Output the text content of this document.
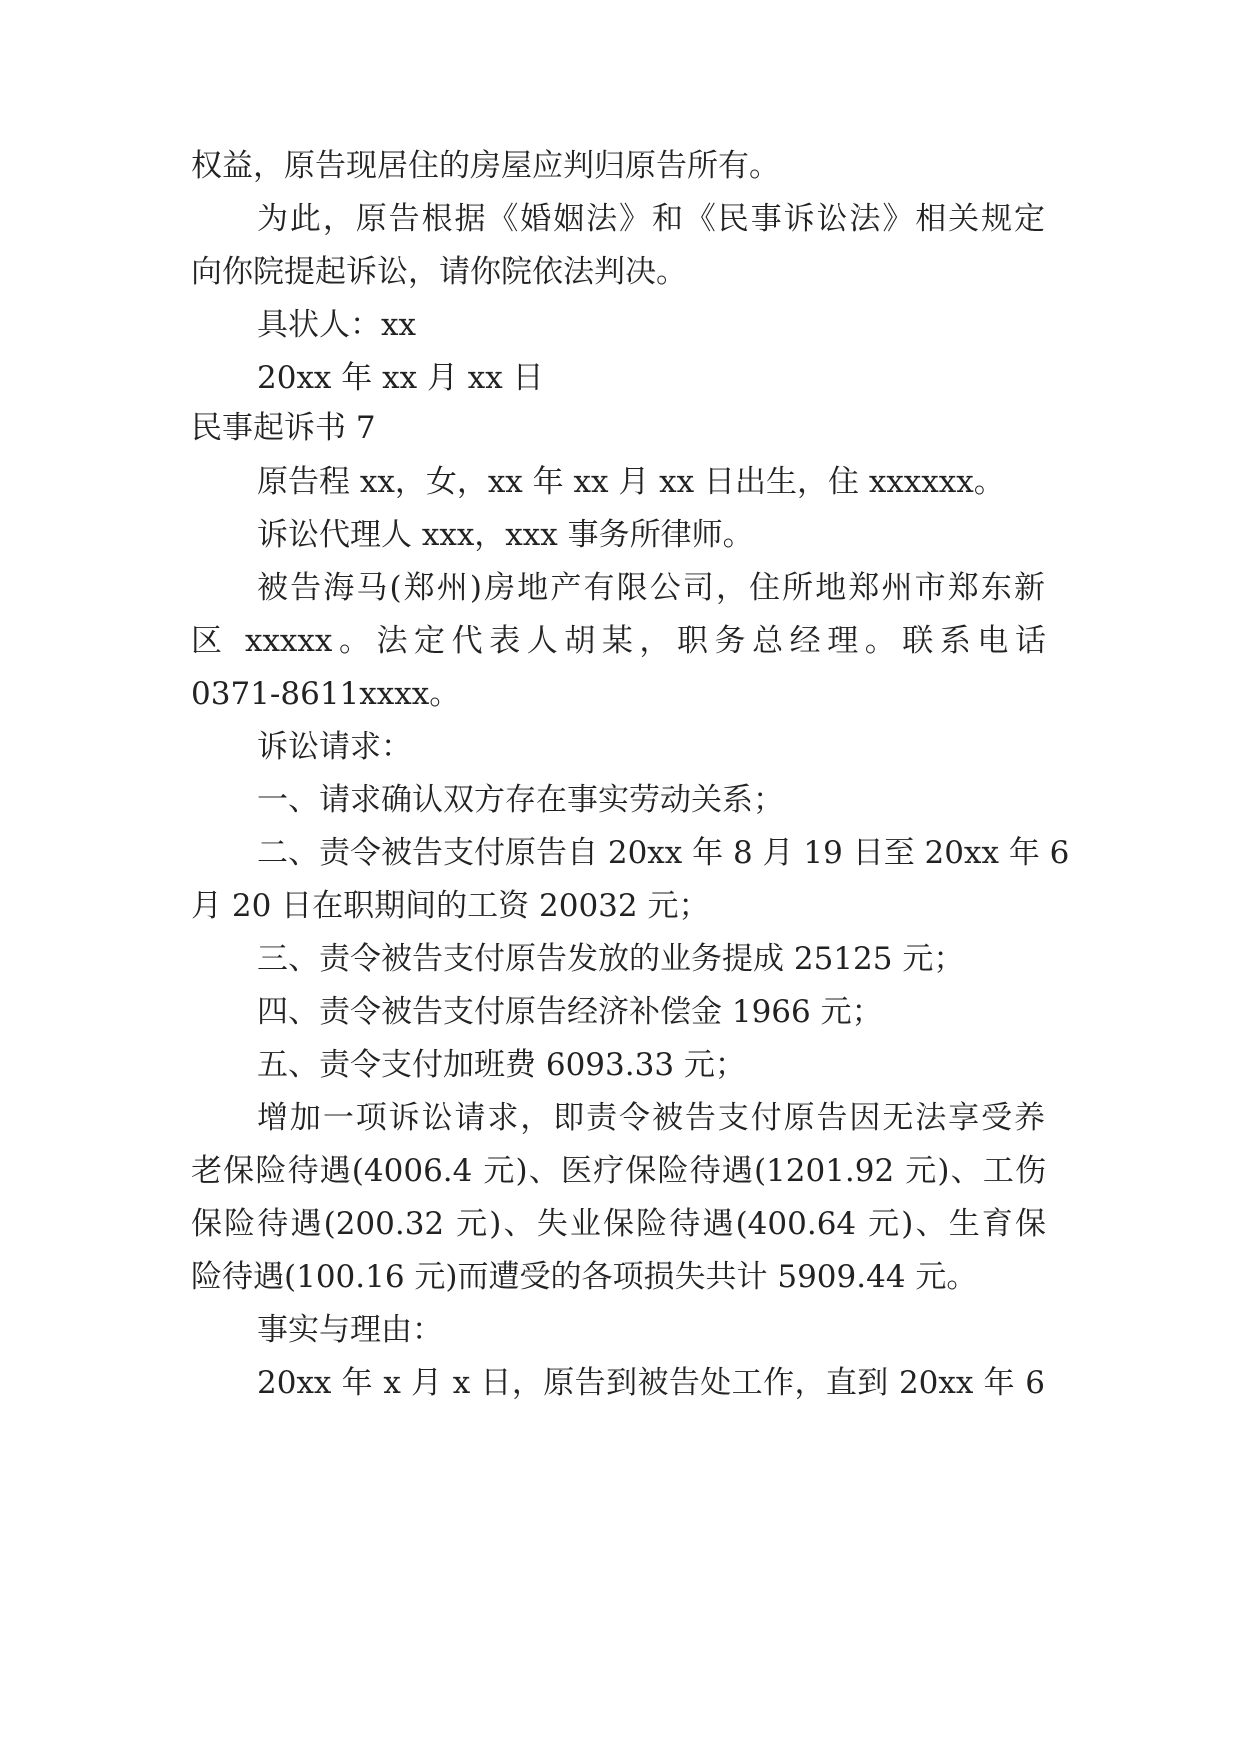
权益，原告现居住的房屋应判归原告所有。

为此，原告根据《婚姻法》和《民事诉讼法》相关规定

向你院提起诉讼，请你院依法判决。

具状人：xx

20xx 年 xx 月 xx 日

民事起诉书 7

原告程 xx，女，xx 年 xx 月 xx 日出生，住 xxxxxx。

诉讼代理人 xxx，xxx 事务所律师。

被告海马(郑州)房地产有限公司，住所地郑州市郑东新

区 xxxxx。法定代表人胡某，职务总经理。联系电话

0371-8611xxxx。

诉讼请求：

一、请求确认双方存在事实劳动关系；

二、责令被告支付原告自 20xx 年 8 月 19 日至 20xx 年 6

月 20 日在职期间的工资 20032 元；

三、责令被告支付原告发放的业务提成 25125 元；

四、责令被告支付原告经济补偿金 1966 元；

五、责令支付加班费 6093.33 元；

增加一项诉讼请求，即责令被告支付原告因无法享受养

老保险待遇(4006.4 元)、医疗保险待遇(1201.92 元)、工伤

保险待遇(200.32 元)、失业保险待遇(400.64 元)、生育保

险待遇(100.16 元)而遭受的各项损失共计 5909.44 元。

事实与理由：

20xx 年 x 月 x 日，原告到被告处工作，直到 20xx 年 6
